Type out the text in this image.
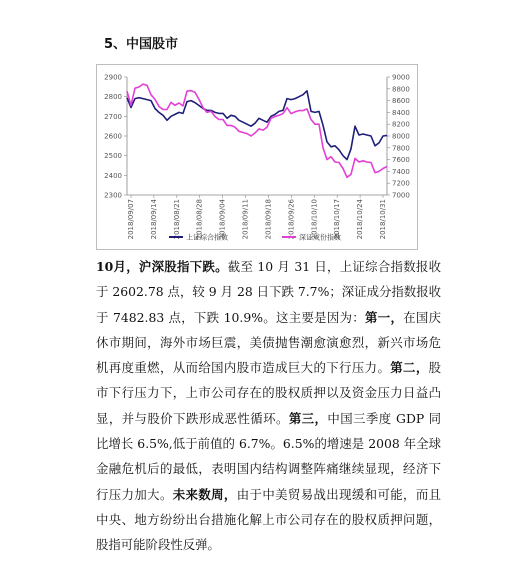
5、中国股市
2300
2400
2500
2600
2700
2800
2900
7000
7200
7400
7600
7800
8000
8200
8400
8600
8800
9000
2018/09/07 2018/09/14 2018/08/21 2018/08/28 2018/09/04 2018/09/11 2018/09/18 2018/09/26 2018/10/10 2018/10/17 2018/10/24 2018/10/31
上证综合指数	深证成份指数
10月，沪深股指下跌。截至 10 月 31 日，上证综合指数报收于 2602.78 点，较 9 月 28 日下跌 7.7%；深证成分指数报收于 7482.83 点，下跌 10.9%。这主要是因为：第一，在国庆休市期间，海外市场巨震，美债抛售潮愈演愈烈，新兴市场危机再度重燃，从而给国内股市造成巨大的下行压力。第二，股市下行压力下，上市公司存在的股权质押以及资金压力日益凸显，并与股价下跌形成恶性循环。第三，中国三季度 GDP 同比增长 6.5%,低于前值的 6.7%。6.5%的增速是 2008 年全球金融危机后的最低，表明国内结构调整阵痛继续显现，经济下行压力加大。未来数周，由于中美贸易战出现缓和可能，而且中央、地方纷纷出台措施化解上市公司存在的股权质押问题，股指可能阶段性反弹。
